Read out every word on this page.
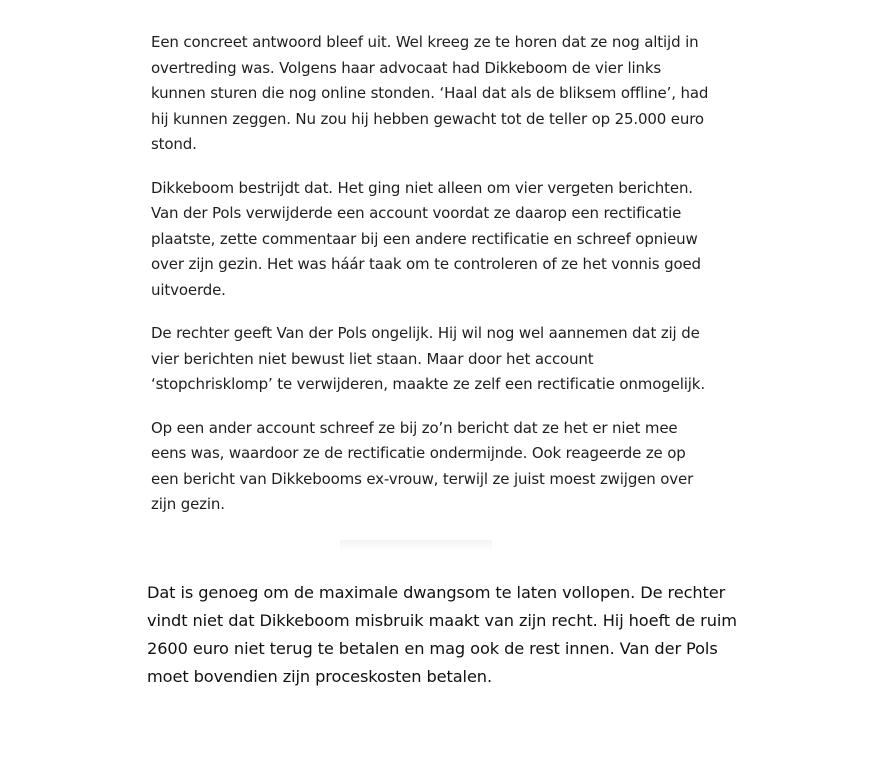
Een concreet antwoord bleef uit. Wel kreeg ze te horen dat ze nog altijd in overtreding was. Volgens haar advocaat had Dikkeboom de vier links kunnen sturen die nog online stonden. ‘Haal dat als de bliksem offline’, had hij kunnen zeggen. Nu zou hij hebben gewacht tot de teller op 25.000 euro stond.

Dikkeboom bestrijdt dat. Het ging niet alleen om vier vergeten berichten. Van der Pols verwijderde een account voordat ze daarop een rectificatie plaatste, zette commentaar bij een andere rectificatie en schreef opnieuw over zijn gezin. Het was háár taak om te controleren of ze het vonnis goed uitvoerde.

De rechter geeft Van der Pols ongelijk. Hij wil nog wel aannemen dat zij de vier berichten niet bewust liet staan. Maar door het account ‘stopchrisklomp’ te verwijderen, maakte ze zelf een rectificatie onmogelijk.

Op een ander account schreef ze bij zo’n bericht dat ze het er niet mee eens was, waardoor ze de rectificatie ondermijnde. Ook reageerde ze op een bericht van Dikkebooms ex-vrouw, terwijl ze juist moest zwijgen over zijn gezin.

Dat is genoeg om de maximale dwangsom te laten vollopen. De rechter vindt niet dat Dikkeboom misbruik maakt van zijn recht. Hij hoeft de ruim 2600 euro niet terug te betalen en mag ook de rest innen. Van der Pols moet bovendien zijn proceskosten betalen.
